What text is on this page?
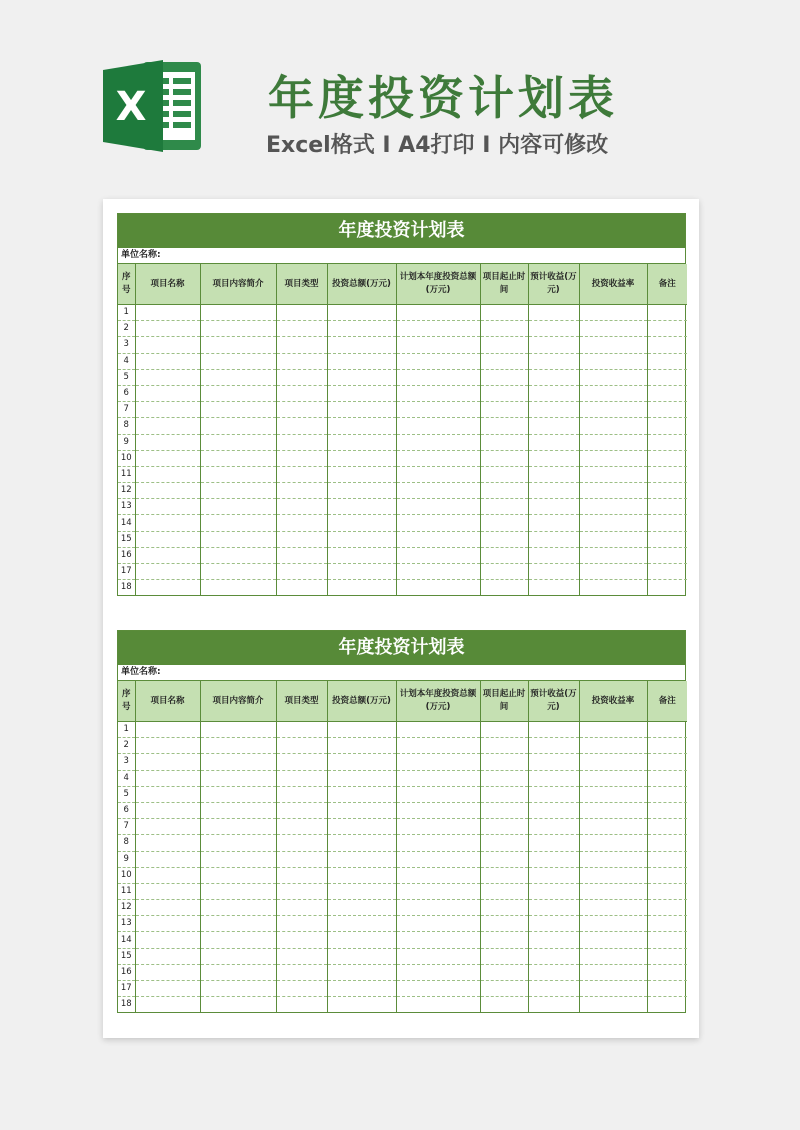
X	年度投资计划表
Excel格式 I A4打印 I 内容可修改
年度投资计划表
单位名称:
序号	项目名称	项目内容简介	项目类型	投资总额(万元)	计划本年度投资总额(万元)	项目起止时间	预计收益(万元)	投资收益率	备注
1									
2									
3									
4									
5									
6									
7									
8									
9									
10									
11									
12									
13									
14									
15									
16									
17									
18									
年度投资计划表
单位名称:
序号	项目名称	项目内容简介	项目类型	投资总额(万元)	计划本年度投资总额(万元)	项目起止时间	预计收益(万元)	投资收益率	备注
1									
2									
3									
4									
5									
6									
7									
8									
9									
10									
11									
12									
13									
14									
15									
16									
17									
18									
